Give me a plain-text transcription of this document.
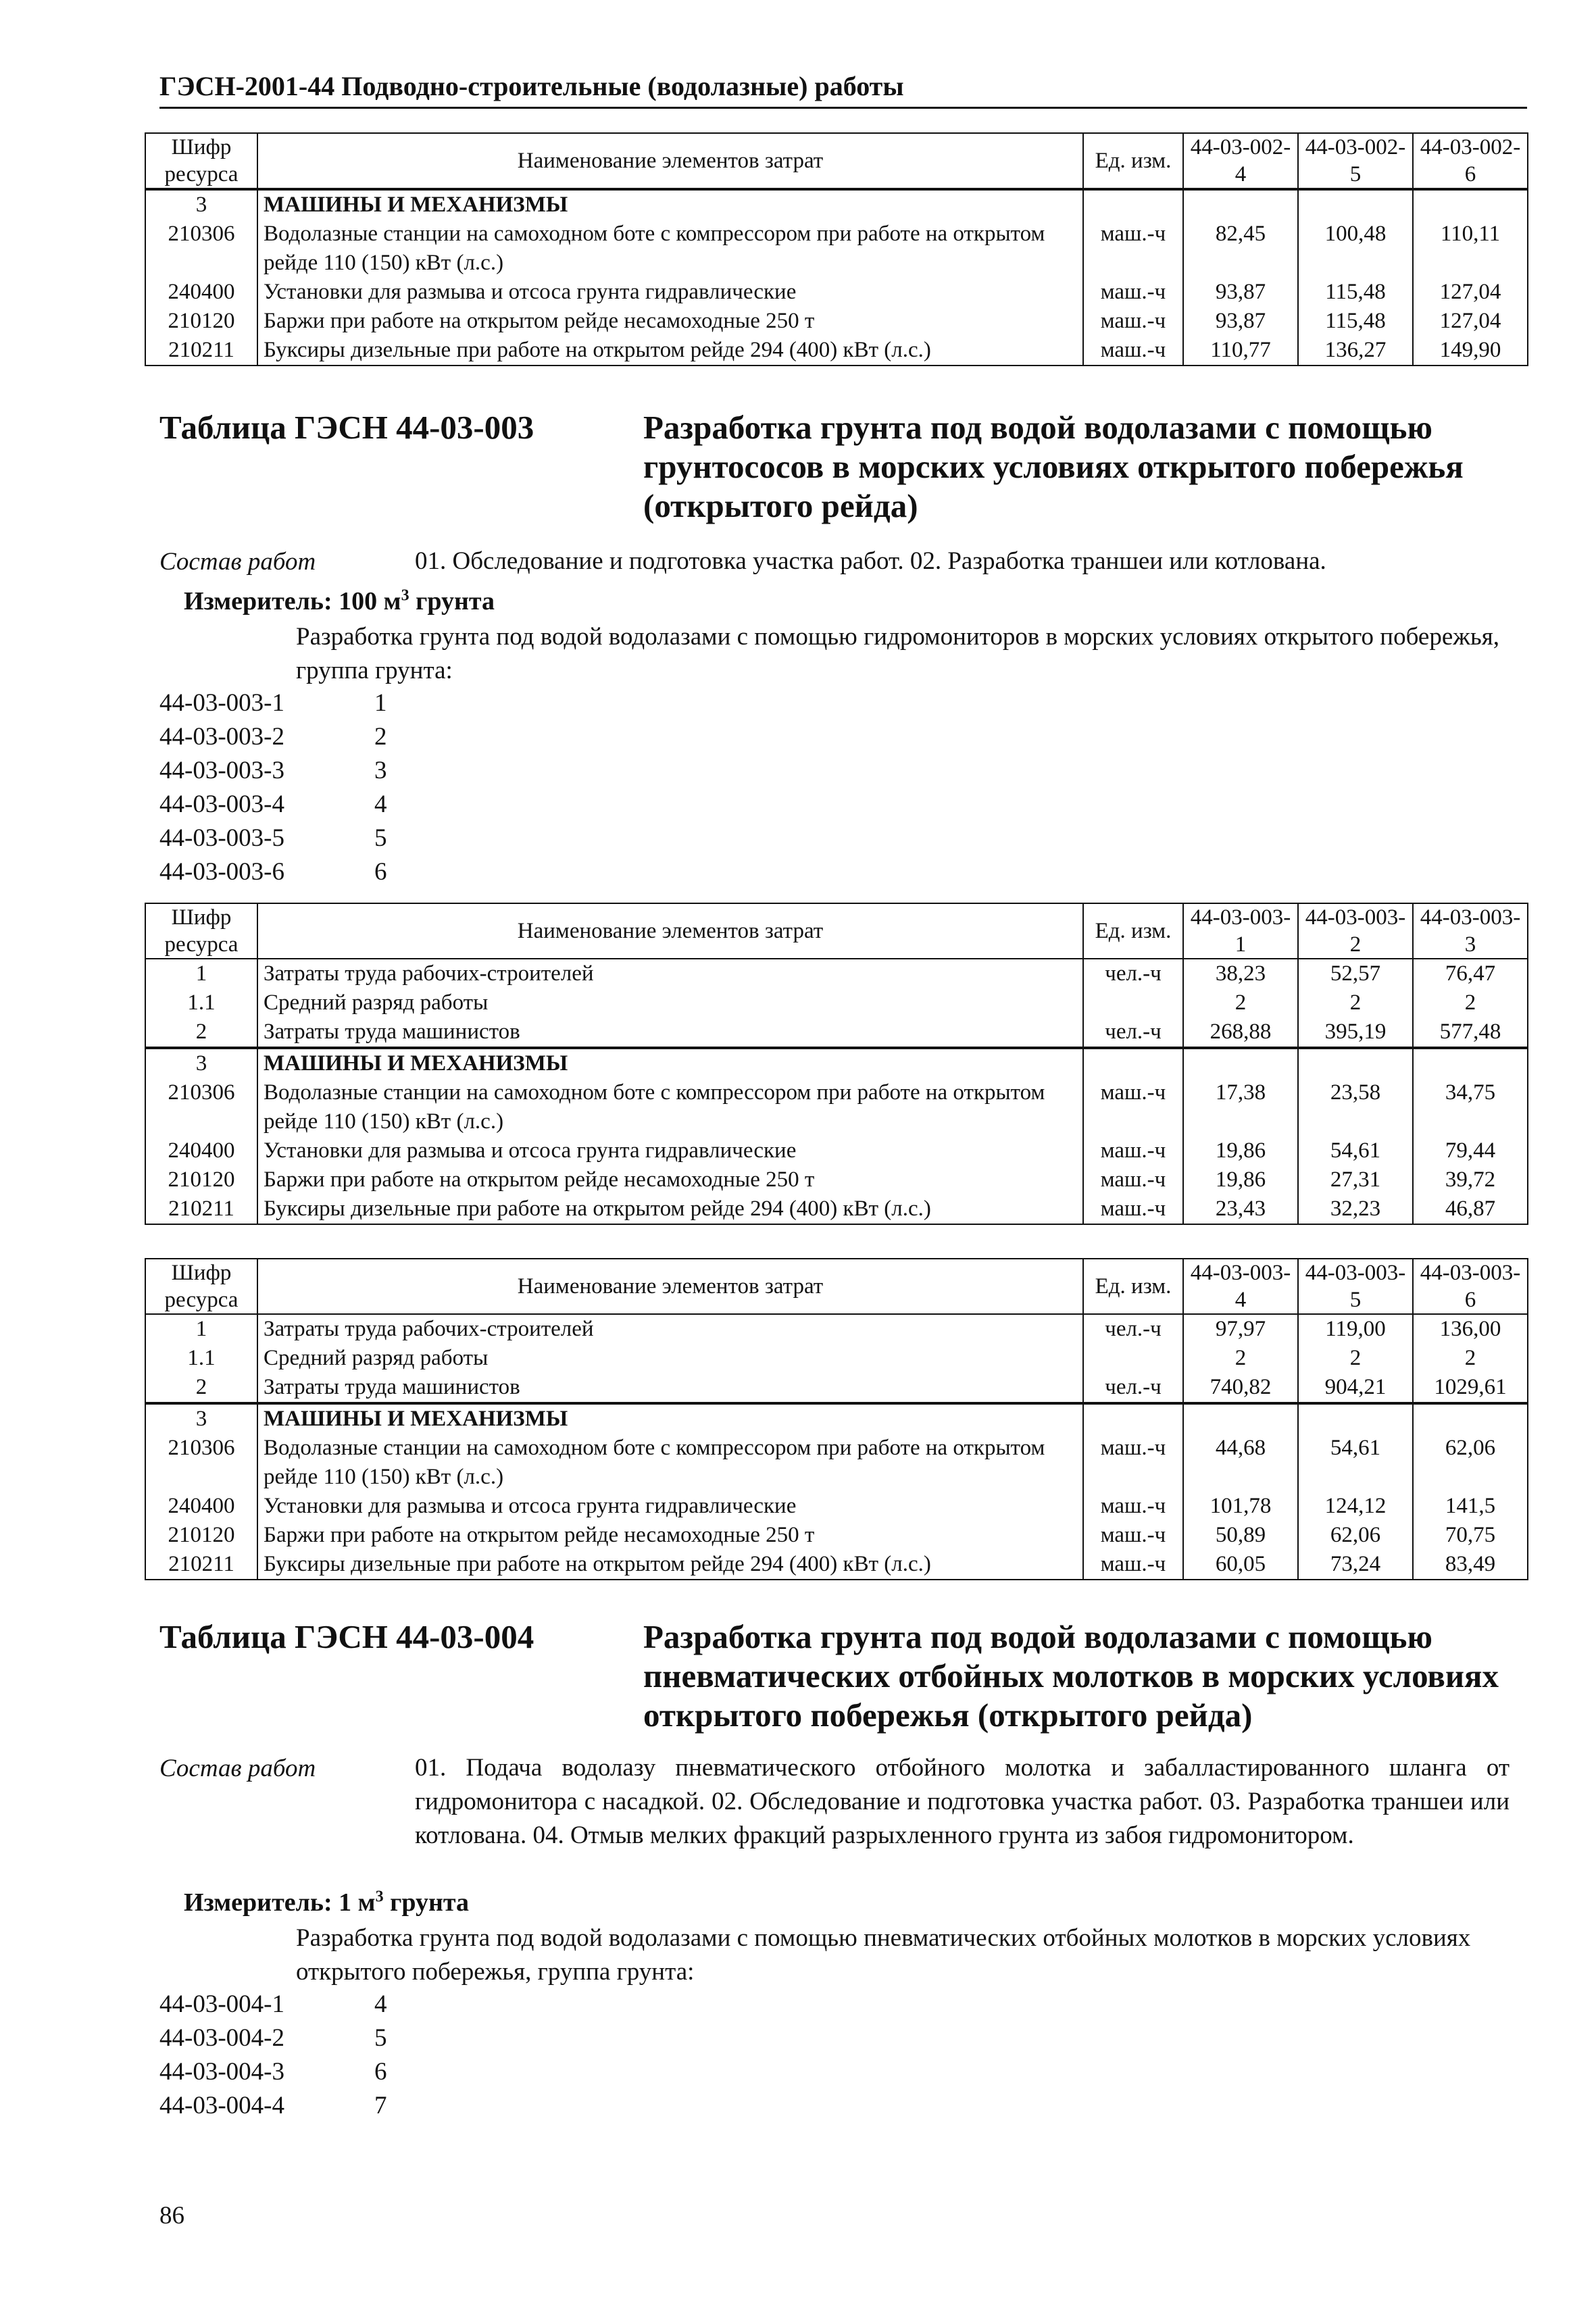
ГЭСН-2001-44 Подводно-строительные (водолазные) работы
Шифр ресурса	Наименование элементов затрат	Ед. изм.	44-03-002-4	44-03-002-5	44-03-002-6
3	МАШИНЫ И МЕХАНИЗМЫ				
210306	Водолазные станции на самоходном боте с компрессором при работе на открытом рейде 110 (150) кВт (л.с.)	маш.-ч	82,45	100,48	110,11
240400	Установки для размыва и отсоса грунта гидравлические	маш.-ч	93,87	115,48	127,04
210120	Баржи при работе на открытом рейде несамоходные 250 т	маш.-ч	93,87	115,48	127,04
210211	Буксиры дизельные при работе на открытом рейде 294 (400) кВт (л.с.)	маш.-ч	110,77	136,27	149,90
Таблица ГЭСН 44-03-003	Разработка грунта под водой водолазами с помощью грунтососов в морских условиях открытого побережья (открытого рейда)
Состав работ	01. Обследование и подготовка участка работ. 02. Разработка траншеи или котлована.
Измеритель: 100 $м^3$ грунта
Разработка грунта под водой водолазами с помощью гидромониторов в морских условиях открытого побережья, группа грунта:
44-03-003-1	1
44-03-003-2	2
44-03-003-3	3
44-03-003-4	4
44-03-003-5	5
44-03-003-6	6
Шифр ресурса	Наименование элементов затрат	Ед. изм.	44-03-003-1	44-03-003-2	44-03-003-3
1	Затраты труда рабочих-строителей	чел.-ч	38,23	52,57	76,47
1.1	Средний разряд работы		2	2	2
2	Затраты труда машинистов	чел.-ч	268,88	395,19	577,48
3	МАШИНЫ И МЕХАНИЗМЫ				
210306	Водолазные станции на самоходном боте с компрессором при работе на открытом рейде 110 (150) кВт (л.с.)	маш.-ч	17,38	23,58	34,75
240400	Установки для размыва и отсоса грунта гидравлические	маш.-ч	19,86	54,61	79,44
210120	Баржи при работе на открытом рейде несамоходные 250 т	маш.-ч	19,86	27,31	39,72
210211	Буксиры дизельные при работе на открытом рейде 294 (400) кВт (л.с.)	маш.-ч	23,43	32,23	46,87
Шифр ресурса	Наименование элементов затрат	Ед. изм.	44-03-003-4	44-03-003-5	44-03-003-6
1	Затраты труда рабочих-строителей	чел.-ч	97,97	119,00	136,00
1.1	Средний разряд работы		2	2	2
2	Затраты труда машинистов	чел.-ч	740,82	904,21	1029,61
3	МАШИНЫ И МЕХАНИЗМЫ				
210306	Водолазные станции на самоходном боте с компрессором при работе на открытом рейде 110 (150) кВт (л.с.)	маш.-ч	44,68	54,61	62,06
240400	Установки для размыва и отсоса грунта гидравлические	маш.-ч	101,78	124,12	141,5
210120	Баржи при работе на открытом рейде несамоходные 250 т	маш.-ч	50,89	62,06	70,75
210211	Буксиры дизельные при работе на открытом рейде 294 (400) кВт (л.с.)	маш.-ч	60,05	73,24	83,49
Таблица ГЭСН 44-03-004	Разработка грунта под водой водолазами с помощью пневматических отбойных молотков в морских условиях открытого побережья (открытого рейда)
Состав работ	01. Подача водолазу пневматического отбойного молотка и забалластированного шланга от гидромонитора с насадкой. 02. Обследование и подготовка участка работ. 03. Разработка траншеи или котлована. 04. Отмыв мелких фракций разрыхленного грунта из забоя гидромонитором.
Измеритель: 1 $м^3$ грунта
Разработка грунта под водой водолазами с помощью пневматических отбойных молотков в морских условиях открытого побережья, группа грунта:
44-03-004-1	4
44-03-004-2	5
44-03-004-3	6
44-03-004-4	7
86
